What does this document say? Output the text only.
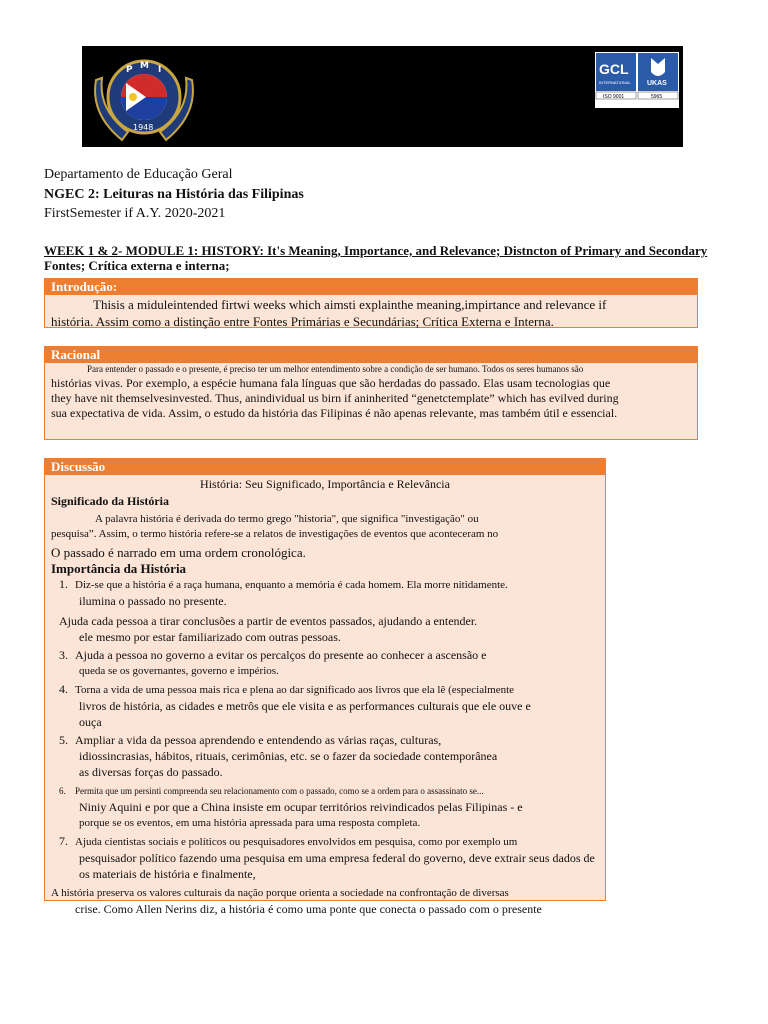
P M I
1948
GCL
INTERNATIONAL UKAS
ISO 9001	5965
Registration No. 16Q13024
Departamento de Educação Geral
NGEC 2: Leituras na História das Filipinas
FirstSemester if A.Y. 2020-2021
WEEK 1 & 2- MODULE 1: HISTORY: It's Meaning, Importance, and Relevance; Distncton of Primary and Secondary
Fontes; Crítica externa e interna;
Introdução:

Thisis a miduleintended firtwi weeks which aimsti explainthe meaning,impirtance and relevance if

história. Assim como a distinção entre Fontes Primárias e Secundárias; Crítica Externa e Interna.

Racional

Para entender o passado e o presente, é preciso ter um melhor entendimento sobre a condição de ser humano. Todos os seres humanos são

histórias vivas. Por exemplo, a espécie humana fala línguas que são herdadas do passado. Elas usam tecnologias que

they have nit themselvesinvested. Thus, anindividual us birn if aninherited “genetctemplate” which has evilved during

sua expectativa de vida. Assim, o estudo da história das Filipinas é não apenas relevante, mas também útil e essencial.

Discussão

História: Seu Significado, Importância e Relevância

Significado da História

A palavra história é derivada do termo grego "historia", que significa "investigação" ou

pesquisa”. Assim, o termo história refere-se a relatos de investigações de eventos que aconteceram no

O passado é narrado em uma ordem cronológica.

Importância da História

1. Diz-se que a história é a raça humana, enquanto a memória é cada homem. Ela morre nitidamente.
ilumina o passado no presente.
Ajuda cada pessoa a tirar conclusões a partir de eventos passados, ajudando a entender.
ele mesmo por estar familiarizado com outras pessoas.
3. Ajuda a pessoa no governo a evitar os percalços do presente ao conhecer a ascensão e
queda se os governantes, governo e impérios.
4. Torna a vida de uma pessoa mais rica e plena ao dar significado aos livros que ela lê (especialmente
livros de história, as cidades e metrôs que ele visita e as performances culturais que ele ouve e
ouça
5. Ampliar a vida da pessoa aprendendo e entendendo as várias raças, culturas,
idiossincrasias, hábitos, rituais, cerimônias, etc. se o fazer da sociedade contemporânea
as diversas forças do passado.
6. Permita que um persinti compreenda seu relacionamento com o passado, como se a ordem para o assassinato se...
Niniy Aquini e por que a China insiste em ocupar territórios reivindicados pelas Filipinas - e
porque se os eventos, em uma história apressada para uma resposta completa.
7. Ajuda cientistas sociais e políticos ou pesquisadores envolvidos em pesquisa, como por exemplo um
pesquisador político fazendo uma pesquisa em uma empresa federal do governo, deve extrair seus dados de
os materiais de história e finalmente,
A história preserva os valores culturais da nação porque orienta a sociedade na confrontação de diversas
crise. Como Allen Nerins diz, a história é como uma ponte que conecta o passado com o presente
